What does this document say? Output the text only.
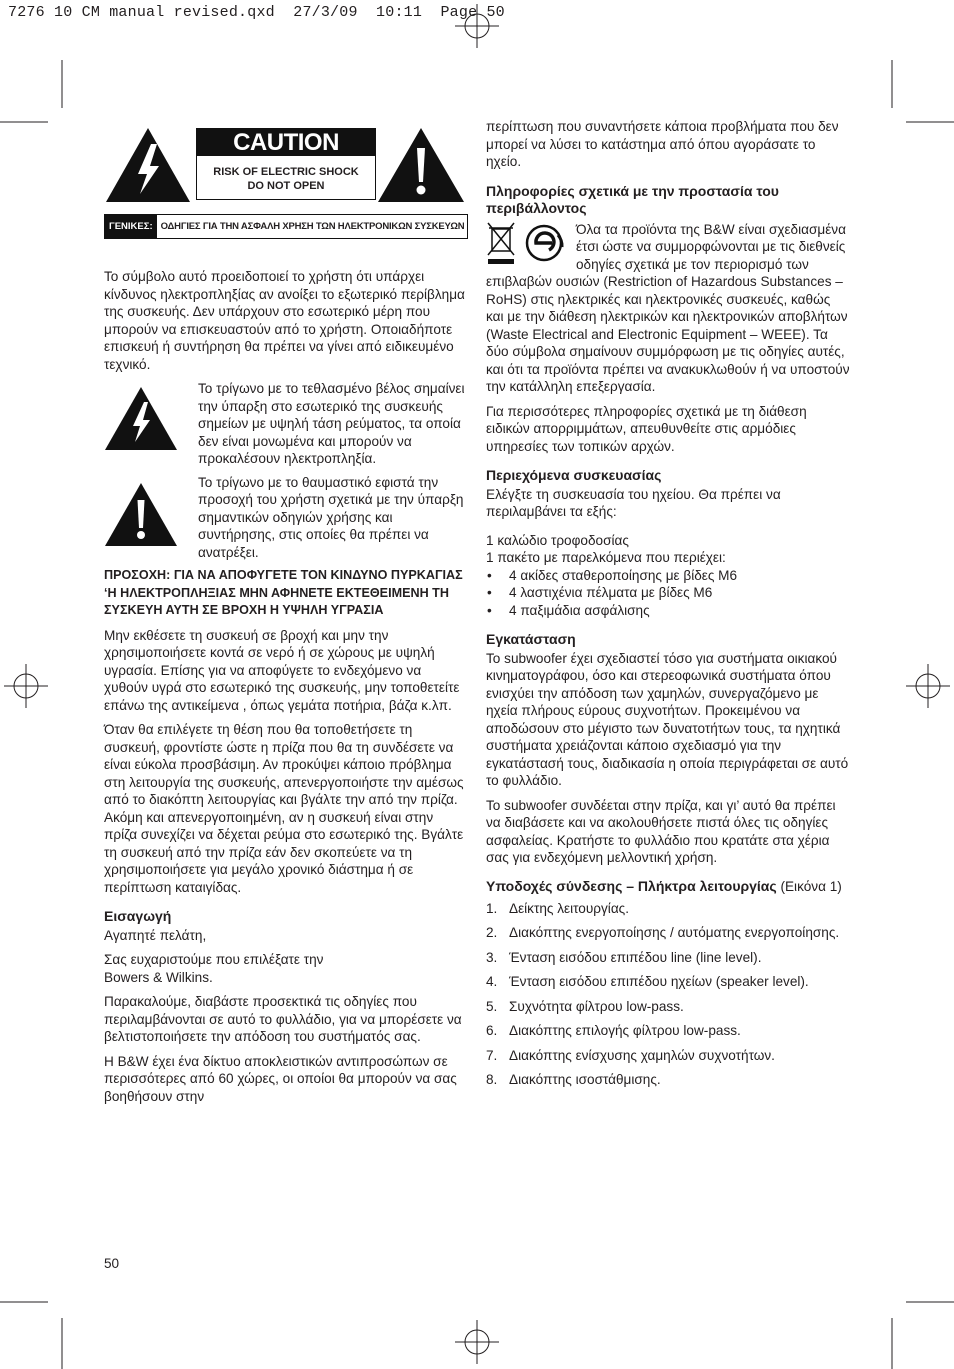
7276 10 CM manual revised.qxd  27/3/09  10:11  Page 50
CAUTION
RISK OF ELECTRIC SHOCK
DO NOT OPEN
ΓΕΝΙΚΕΣ: ΟΔΗΓΙΕΣ ΓΙΑ ΤΗΝ ΑΣΦΑΛΗ ΧΡΗΣΗ ΤΩΝ ΗΛΕΚΤΡΟΝΙΚΩΝ ΣΥΣΚΕΥΩΝ

Το σύμβολο αυτό προειδοποιεί το χρήστη ότι υπάρχει κίνδυνος ηλεκτροπληξίας αν ανοίξει το εξωτερικό περίβλημα της συσκευής. Δεν υπάρχουν στο εσωτερικό μέρη που μπορούν να επισκευαστούν από το χρήστη. Οποιαδήποτε επισκευή ή συντήρηση θα πρέπει να γίνει από ειδικευμένο τεχνικό.

Το τρίγωνο με το τεθλασμένο βέλος σημαίνει την ύπαρξη στο εσωτερικό της συσκευής σημείων με υψηλή τάση ρεύματος, τα οποία δεν είναι μονωμένα και μπορούν να προκαλέσουν ηλεκτροπληξία.
Το τρίγωνο με το θαυμαστικό εφιστά την προσοχή του χρήστη σχετικά με την ύπαρξη σημαντικών οδηγιών χρήσης και συντήρησης, στις οποίες θα πρέπει να ανατρέξει.

ΠΡΟΣΟΧΗ: ΓΙΑ ΝΑ ΑΠΟΦΥΓΕΤΕ ΤΟΝ ΚΙΝΔΥΝΟ ΠΥΡΚΑΓΙΑΣ ‘Η ΗΛΕΚΤΡΟΠΛΗΞΙΑΣ ΜΗΝ ΑΦΗΝΕΤΕ ΕΚΤΕΘΕΙΜΕΝΗ ΤΗ ΣΥΣΚΕΥΗ ΑΥΤΗ ΣΕ ΒΡΟΧΗ Η ΥΨΗΛΗ ΥΓΡΑΣΙΑ

Μην εκθέσετε τη συσκευή σε βροχή και μην την χρησιμοποιήσετε κοντά σε νερό ή σε χώρους με υψηλή υγρασία. Επίσης για να αποφύγετε το ενδεχόμενο να χυθούν υγρά στο εσωτερικό της συσκευής, μην τοποθετείτε επάνω της αντικείμενα , όπως γεμάτα ποτήρια, βάζα κ.λπ.

Όταν θα επιλέγετε τη θέση που θα τοποθετήσετε τη συσκευή, φροντίστε ώστε η πρίζα που θα τη συνδέσετε να είναι εύκολα προσβάσιμη. Αν προκύψει κάποιο πρόβλημα στη λειτουργία της συσκευής, απενεργοποιήστε την αμέσως από το διακόπτη λειτουργίας και βγάλτε την από την πρίζα. Ακόμη και απενεργοποιημένη, αν η συσκευή είναι στην πρίζα συνεχίζει να δέχεται ρεύμα στο εσωτερικό της. Βγάλτε τη συσκευή από την πρίζα εάν δεν σκοπεύετε να τη χρησιμοποιήσετε για μεγάλο χρονικό διάστημα ή σε περίπτωση καταιγίδας.

Εισαγωγή

Αγαπητέ πελάτη,

Σας ευχαριστούμε που επιλέξατε την
Bowers & Wilkins.

Παρακαλούμε, διαβάστε προσεκτικά τις οδηγίες που περιλαμβάνονται σε αυτό το φυλλάδιο, για να μπορέσετε να βελτιστοποιήσετε την απόδοση του συστήματός σας.

Η B&W έχει ένα δίκτυο αποκλειστικών αντιπροσώπων σε περισσότερες από 60 χώρες, οι οποίοι θα μπορούν να σας βοηθήσουν στην

περίπτωση που συναντήσετε κάποια προβλήματα που δεν μπορεί να λύσει το κατάστημα από όπου αγοράσατε το ηχείο.

Πληροφορίες σχετικά με την προστασία του περιβάλλοντος

Όλα τα προϊόντα της B&W είναι σχεδιασμένα έτσι ώστε να συμμορφώνονται με τις διεθνείς οδηγίες σχετικά με τον περιορισμό των επιβλαβών ουσιών (Restriction of Hazardous Substances – RoHS) στις ηλεκτρικές και ηλεκτρονικές συσκευές, καθώς και με την διάθεση ηλεκτρικών και ηλεκτρονικών αποβλήτων (Waste Electrical and Electronic Equipment – WEEE). Τα δύο σύμβολα σημαίνουν συμμόρφωση με τις οδηγίες αυτές, και ότι τα προϊόντα πρέπει να ανακυκλωθούν ή να υποστούν την κατάλληλη επεξεργασία.

Για περισσότερες πληροφορίες σχετικά με τη διάθεση ειδικών απορριμμάτων, απευθυνθείτε στις αρμόδιες υπηρεσίες των τοπικών αρχών.

Περιεχόμενα συσκευασίας

Ελέγξτε τη συσκευασία του ηχείου. Θα πρέπει να περιλαμβάνει τα εξής:

1 καλώδιο τροφοδοσίας
1 πακέτο με παρελκόμενα που περιέχει:
• 4 ακίδες σταθεροποίησης με βίδες M6
• 4 λαστιχένια πέλματα με βίδες M6
• 4 παξιμάδια ασφάλισης
Εγκατάσταση

Το subwoofer έχει σχεδιαστεί τόσο για συστήματα οικιακού κινηματογράφου, όσο και στερεοφωνικά συστήματα όπου ενισχύει την απόδοση των χαμηλών, συνεργαζόμενο με ηχεία πλήρους εύρους συχνοτήτων. Προκειμένου να αποδώσουν στο μέγιστο των δυνατοτήτων τους, τα ηχητικά συστήματα χρειάζονται κάποιο σχεδιασμό για την εγκατάστασή τους, διαδικασία η οποία περιγράφεται σε αυτό το φυλλάδιο.

Το subwoofer συνδέεται στην πρίζα, και γι’ αυτό θα πρέπει να διαβάσετε και να ακολουθήσετε πιστά όλες τις οδηγίες ασφαλείας. Κρατήστε το φυλλάδιο που κρατάτε στα χέρια σας για ενδεχόμενη μελλοντική χρήση.

Υποδοχές σύνδεσης – Πλήκτρα λειτουργίας (Εικόνα 1)
1. Δείκτης λειτουργίας.
2. Διακόπτης ενεργοποίησης / αυτόματης ενεργοποίησης.
3. Ένταση εισόδου επιπέδου line (line level).
4. Ένταση εισόδου επιπέδου ηχείων (speaker level).
5. Συχνότητα φίλτρου low-pass.
6. Διακόπτης επιλογής φίλτρου low-pass.
7. Διακόπτης ενίσχυσης χαμηλών συχνοτήτων.
8. Διακόπτης ισοστάθμισης.
50
